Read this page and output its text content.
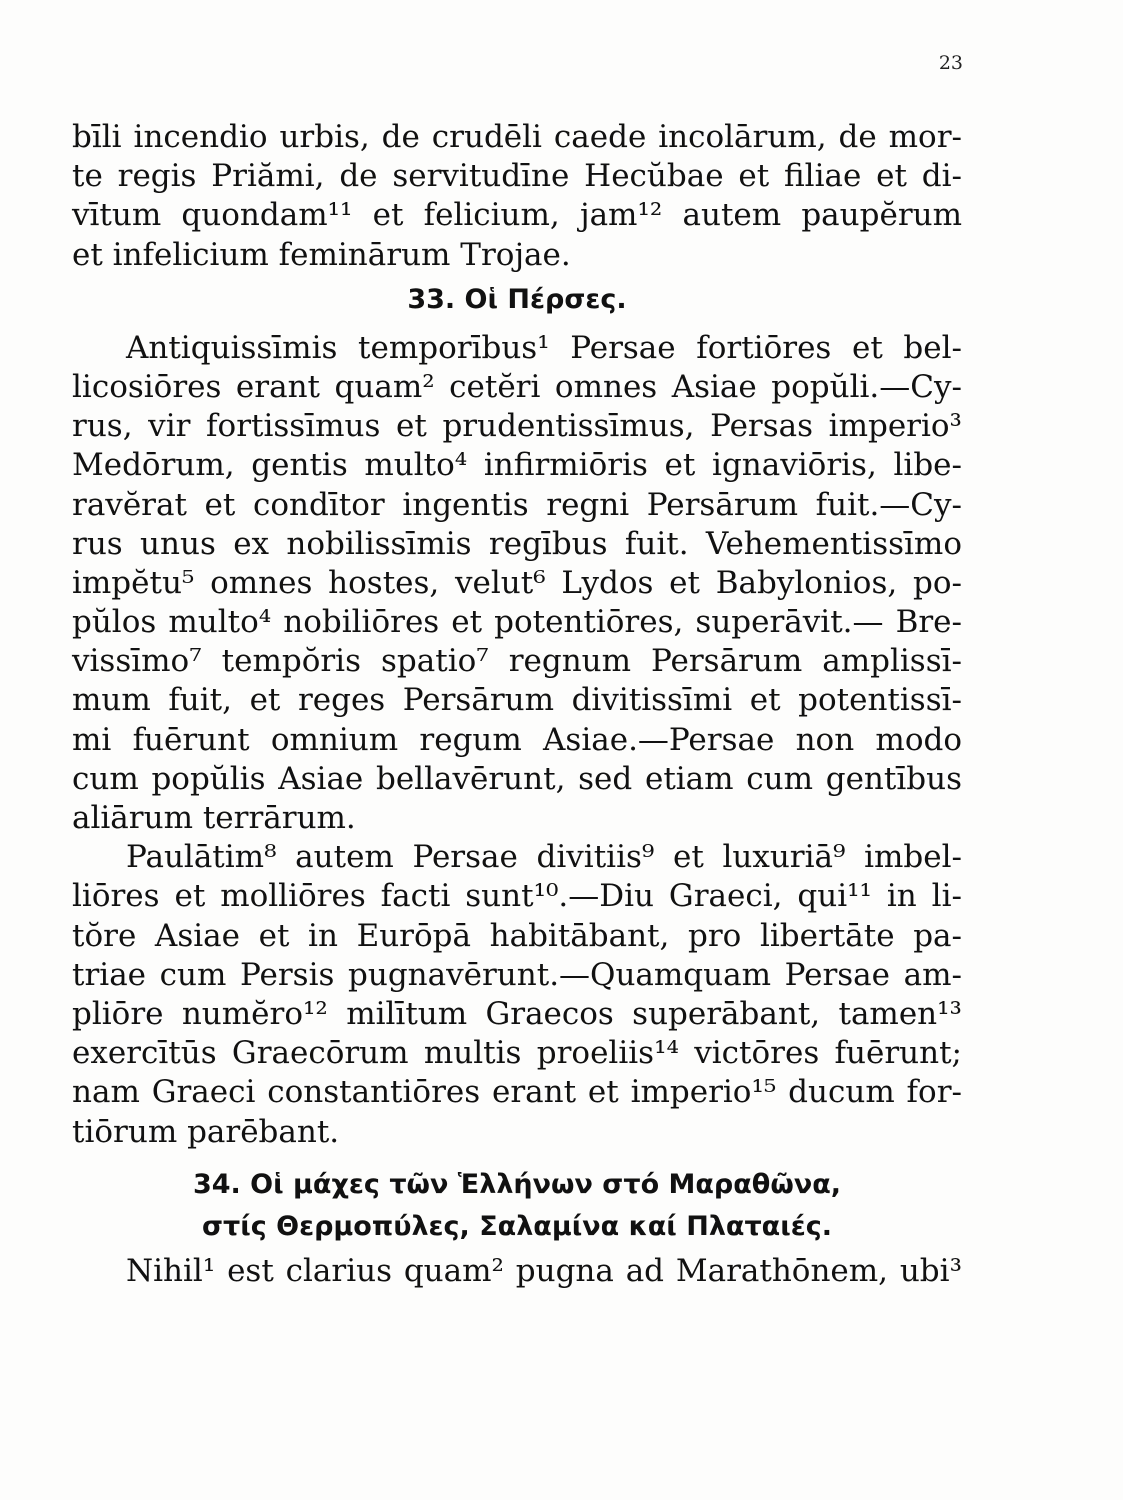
23
bīli incendio urbis, de crudēli caede incolārum, de mor-
te regis Priămi, de servitudīne Hecŭbae et filiae et di-
vītum quondam¹¹ et felicium, jam¹² autem paupĕrum
et infelicium feminārum Trojae.
33. Οἱ Πέρσες.
Antiquissīmis temporībus¹ Persae fortiōres et bel-
licosiōres erant quam² cetĕri omnes Asiae popŭli.—Cy-
rus, vir fortissīmus et prudentissīmus, Persas imperio³
Medōrum, gentis multo⁴ infirmiōris et ignaviōris, libe-
ravĕrat et condītor ingentis regni Persārum fuit.—Cy-
rus unus ex nobilissīmis regībus fuit. Vehementissīmo
impĕtu⁵ omnes hostes, velut⁶ Lydos et Babylonios, po-
pŭlos multo⁴ nobiliōres et potentiōres, superāvit.— Bre-
vissīmo⁷ tempŏris spatio⁷ regnum Persārum amplissī-
mum fuit, et reges Persārum divitissīmi et potentissī-
mi fuērunt omnium regum Asiae.—Persae non modo
cum popŭlis Asiae bellavērunt, sed etiam cum gentībus
aliārum terrārum.
Paulātim⁸ autem Persae divitiis⁹ et luxuriā⁹ imbel-
liōres et molliōres facti sunt¹⁰.—Diu Graeci, qui¹¹ in li-
tŏre Asiae et in Eurōpā habitābant, pro libertāte pa-
triae cum Persis pugnavērunt.—Quamquam Persae am-
pliōre numĕro¹² milītum Graecos superābant, tamen¹³
exercītūs Graecōrum multis proeliis¹⁴ victōres fuērunt;
nam Graeci constantiōres erant et imperio¹⁵ ducum for-
tiōrum parēbant.
34. Οἱ μάχες τῶν Ἑλλήνων στό Μαραθῶνα,
στίς Θερμοπύλες, Σαλαμίνα καί Πλαταιές.
Nihil¹ est clarius quam² pugna ad Marathōnem, ubi³
